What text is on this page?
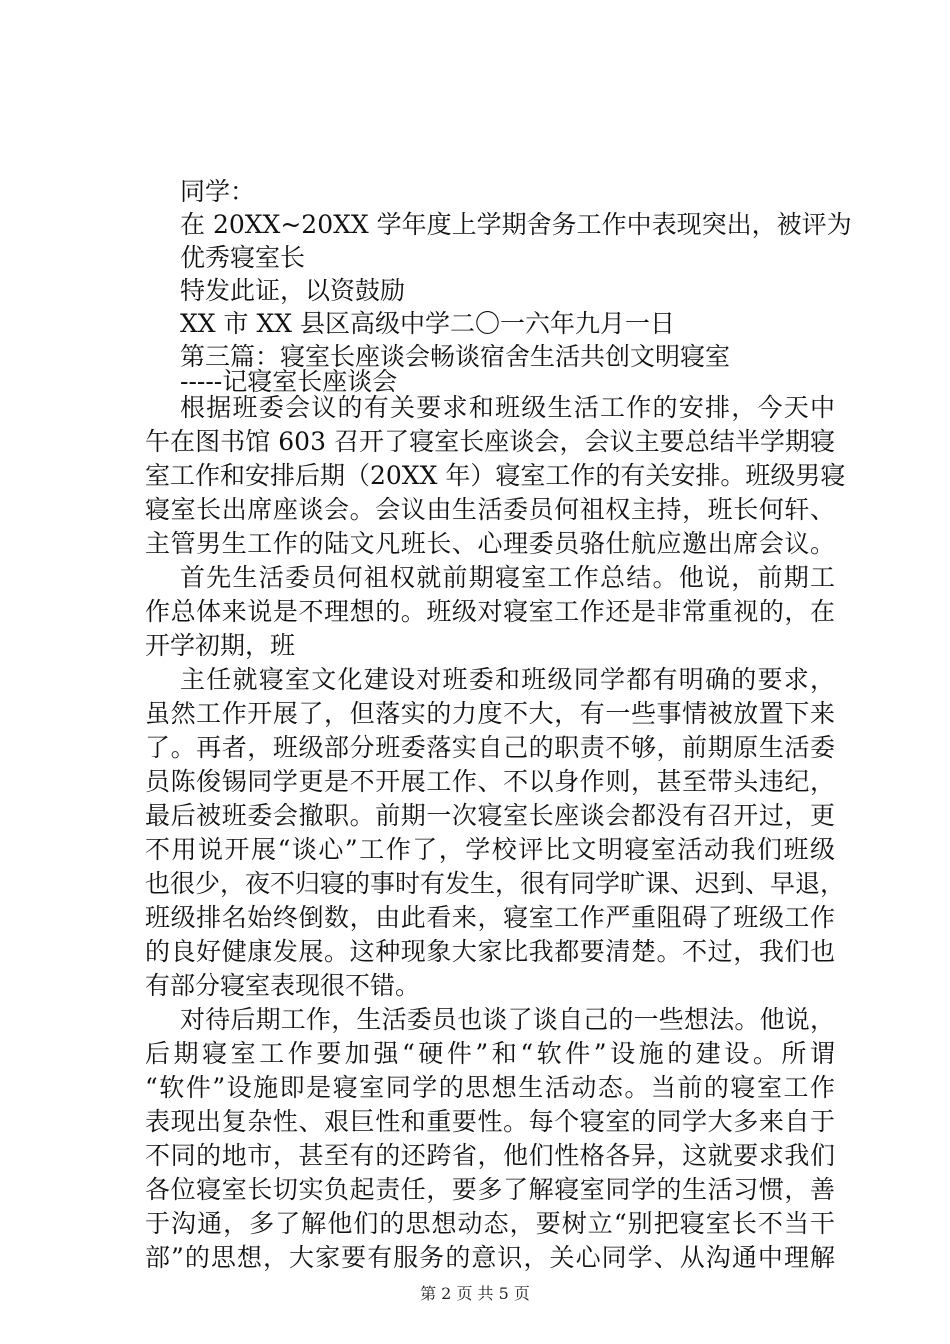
同学：
在 20XX~20XX 学年度上学期舍务工作中表现突出，被评为
优秀寝室长
特发此证，以资鼓励
XX 市 XX 县区高级中学二〇一六年九月一日
第三篇：寝室长座谈会畅谈宿舍生活共创文明寝室
-----记寝室长座谈会
根据班委会议的有关要求和班级生活工作的安排，今天中
午在图书馆 603 召开了寝室长座谈会，会议主要总结半学期寝
室工作和安排后期（20XX 年）寝室工作的有关安排。班级男寝
寝室长出席座谈会。会议由生活委员何祖权主持，班长何轩、
主管男生工作的陆文凡班长、心理委员骆仕航应邀出席会议。
首先生活委员何祖权就前期寝室工作总结。他说，前期工
作总体来说是不理想的。班级对寝室工作还是非常重视的，在
开学初期，班
主任就寝室文化建设对班委和班级同学都有明确的要求，
虽然工作开展了，但落实的力度不大，有一些事情被放置下来
了。再者，班级部分班委落实自己的职责不够，前期原生活委
员陈俊锡同学更是不开展工作、不以身作则，甚至带头违纪，
最后被班委会撤职。前期一次寝室长座谈会都没有召开过，更
不用说开展“谈心”工作了，学校评比文明寝室活动我们班级
也很少，夜不归寝的事时有发生，很有同学旷课、迟到、早退，
班级排名始终倒数，由此看来，寝室工作严重阻碍了班级工作
的良好健康发展。这种现象大家比我都要清楚。不过，我们也
有部分寝室表现很不错。
对待后期工作，生活委员也谈了谈自己的一些想法。他说，
后期寝室工作要加强“硬件”和“软件”设施的建设。所谓
“软件”设施即是寝室同学的思想生活动态。当前的寝室工作
表现出复杂性、艰巨性和重要性。每个寝室的同学大多来自于
不同的地市，甚至有的还跨省，他们性格各异，这就要求我们
各位寝室长切实负起责任，要多了解寝室同学的生活习惯，善
于沟通，多了解他们的思想动态，要树立“别把寝室长不当干
部”的思想，大家要有服务的意识，关心同学、从沟通中理解
第 2 页 共 5 页
